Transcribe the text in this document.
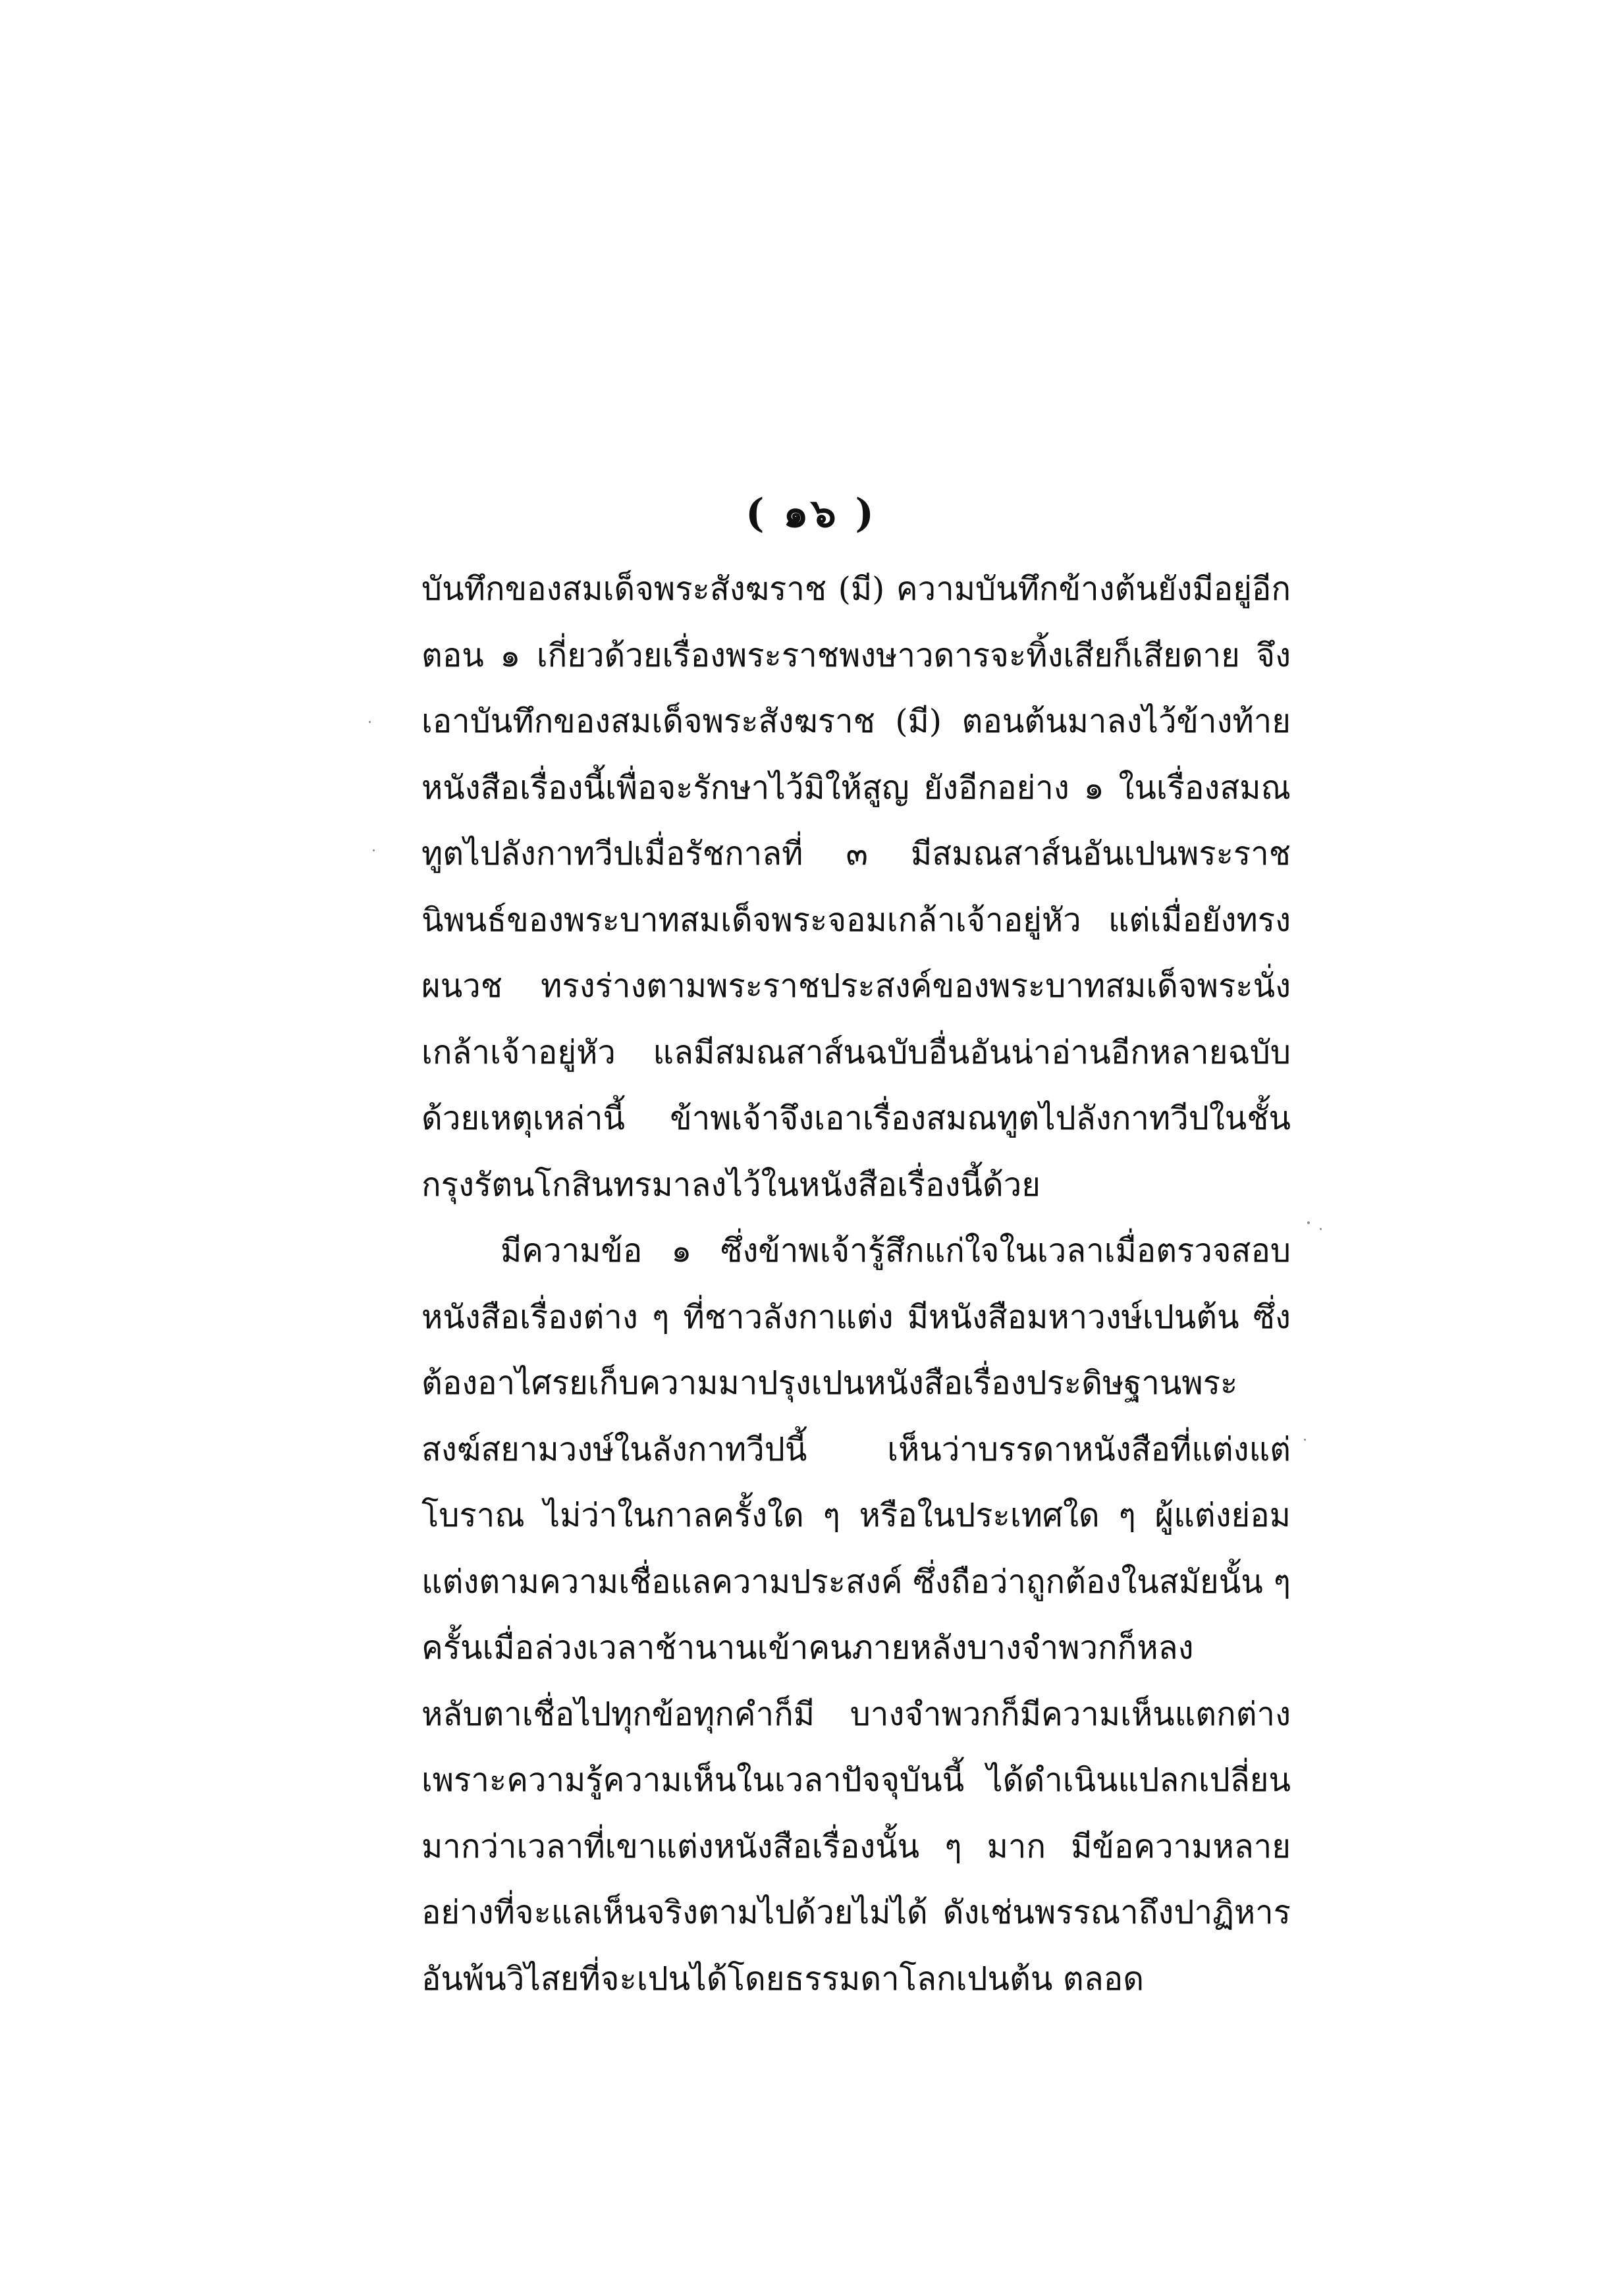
( ๑๖ )

บันทึกของสมเด็จพระสังฆราช (มี) ความบันทึกข้างต้นยังมีอยู่อีกตอน ๑ เกี่ยวด้วยเรื่องพระราชพงษาวดารจะทิ้งเสียก็เสียดาย จึงเอาบันทึกของสมเด็จพระสังฆราช (มี) ตอนต้นมาลงไว้ข้างท้ายหนังสือเรื่องนี้เพื่อจะรักษาไว้มิให้สูญ ยังอีกอย่าง ๑ ในเรื่องสมณทูตไปลังกาทวีปเมื่อรัชกาลที่ ๓ มีสมณสาส์นอันเปนพระราชนิพนธ์ของพระบาทสมเด็จพระจอมเกล้าเจ้าอยู่หัว แต่เมื่อยังทรงผนวช ทรงร่างตามพระราชประสงค์ของพระบาทสมเด็จพระนั่งเกล้าเจ้าอยู่หัว แลมีสมณสาส์นฉบับอื่นอันน่าอ่านอีกหลายฉบับ ด้วยเหตุเหล่านี้ ข้าพเจ้าจึงเอาเรื่องสมณทูตไปลังกาทวีปในชั้นกรุงรัตนโกสินทรมาลงไว้ในหนังสือเรื่องนี้ด้วย

มีความข้อ ๑ ซึ่งข้าพเจ้ารู้สึกแก่ใจในเวลาเมื่อตรวจสอบหนังสือเรื่องต่าง ๆ ที่ชาวลังกาแต่ง มีหนังสือมหาวงษ์เปนต้น ซึ่งต้องอาไศรยเก็บความมาปรุงเปนหนังสือเรื่องประดิษฐานพระสงฆ์สยามวงษ์ในลังกาทวีปนี้ เห็นว่าบรรดาหนังสือที่แต่งแต่โบราณ ไม่ว่าในกาลครั้งใด ๆ หรือในประเทศใด ๆ ผู้แต่งย่อมแต่งตามความเชื่อแลความประสงค์ ซึ่งถือว่าถูกต้องในสมัยนั้น ๆ ครั้นเมื่อล่วงเวลาช้านานเข้าคนภายหลังบางจำพวกก็หลงหลับตาเชื่อไปทุกข้อทุกคำก็มี บางจำพวกก็มีความเห็นแตกต่าง เพราะความรู้ความเห็นในเวลาปัจจุบันนี้ ได้ดำเนินแปลกเปลี่ยนมากว่าเวลาที่เขาแต่งหนังสือเรื่องนั้น ๆ มาก มีข้อความหลายอย่างที่จะแลเห็นจริงตามไปด้วยไม่ได้ ดังเช่นพรรณาถึงปาฏิหารอันพ้นวิไสยที่จะเปนได้โดยธรรมดาโลกเปนต้น ตลอด
